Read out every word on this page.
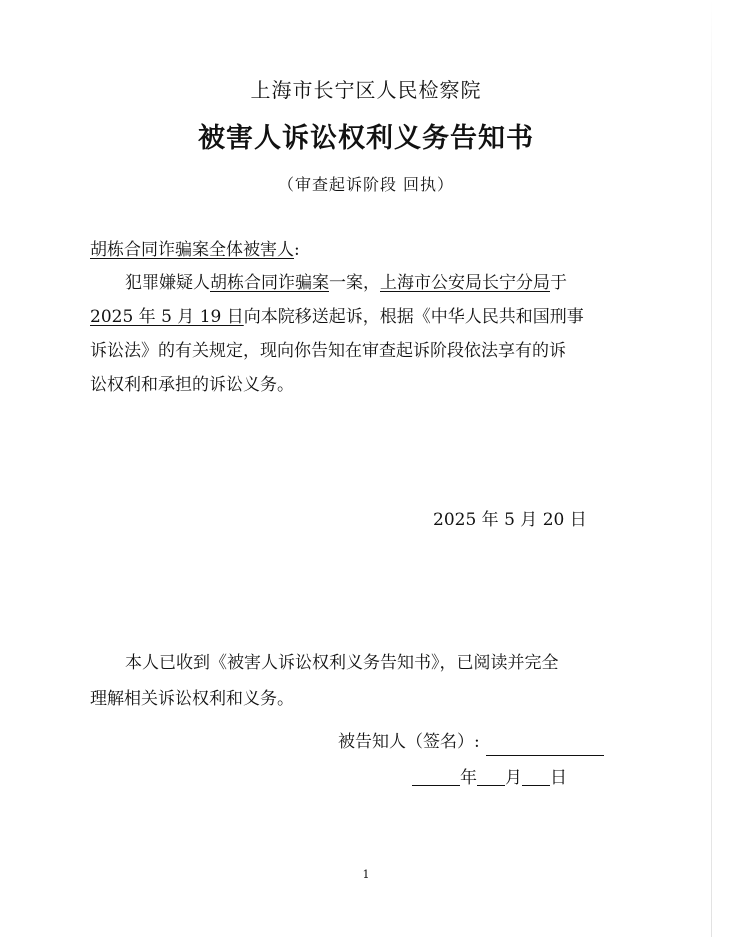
上海市长宁区人民检察院
被害人诉讼权利义务告知书
（审查起诉阶段 回执）
胡栋合同诈骗案全体被害人:
犯罪嫌疑人胡栋合同诈骗案一案，上海市公安局长宁分局于
2025 年 5 月 19 日向本院移送起诉，根据《中华人民共和国刑事
诉讼法》的有关规定，现向你告知在审查起诉阶段依法享有的诉
讼权利和承担的诉讼义务。
2025 年 5 月 20 日
本人已收到《被害人诉讼权利义务告知书》，已阅读并完全
理解相关诉讼权利和义务。
被告知人（签名）:
年 月 日
1
